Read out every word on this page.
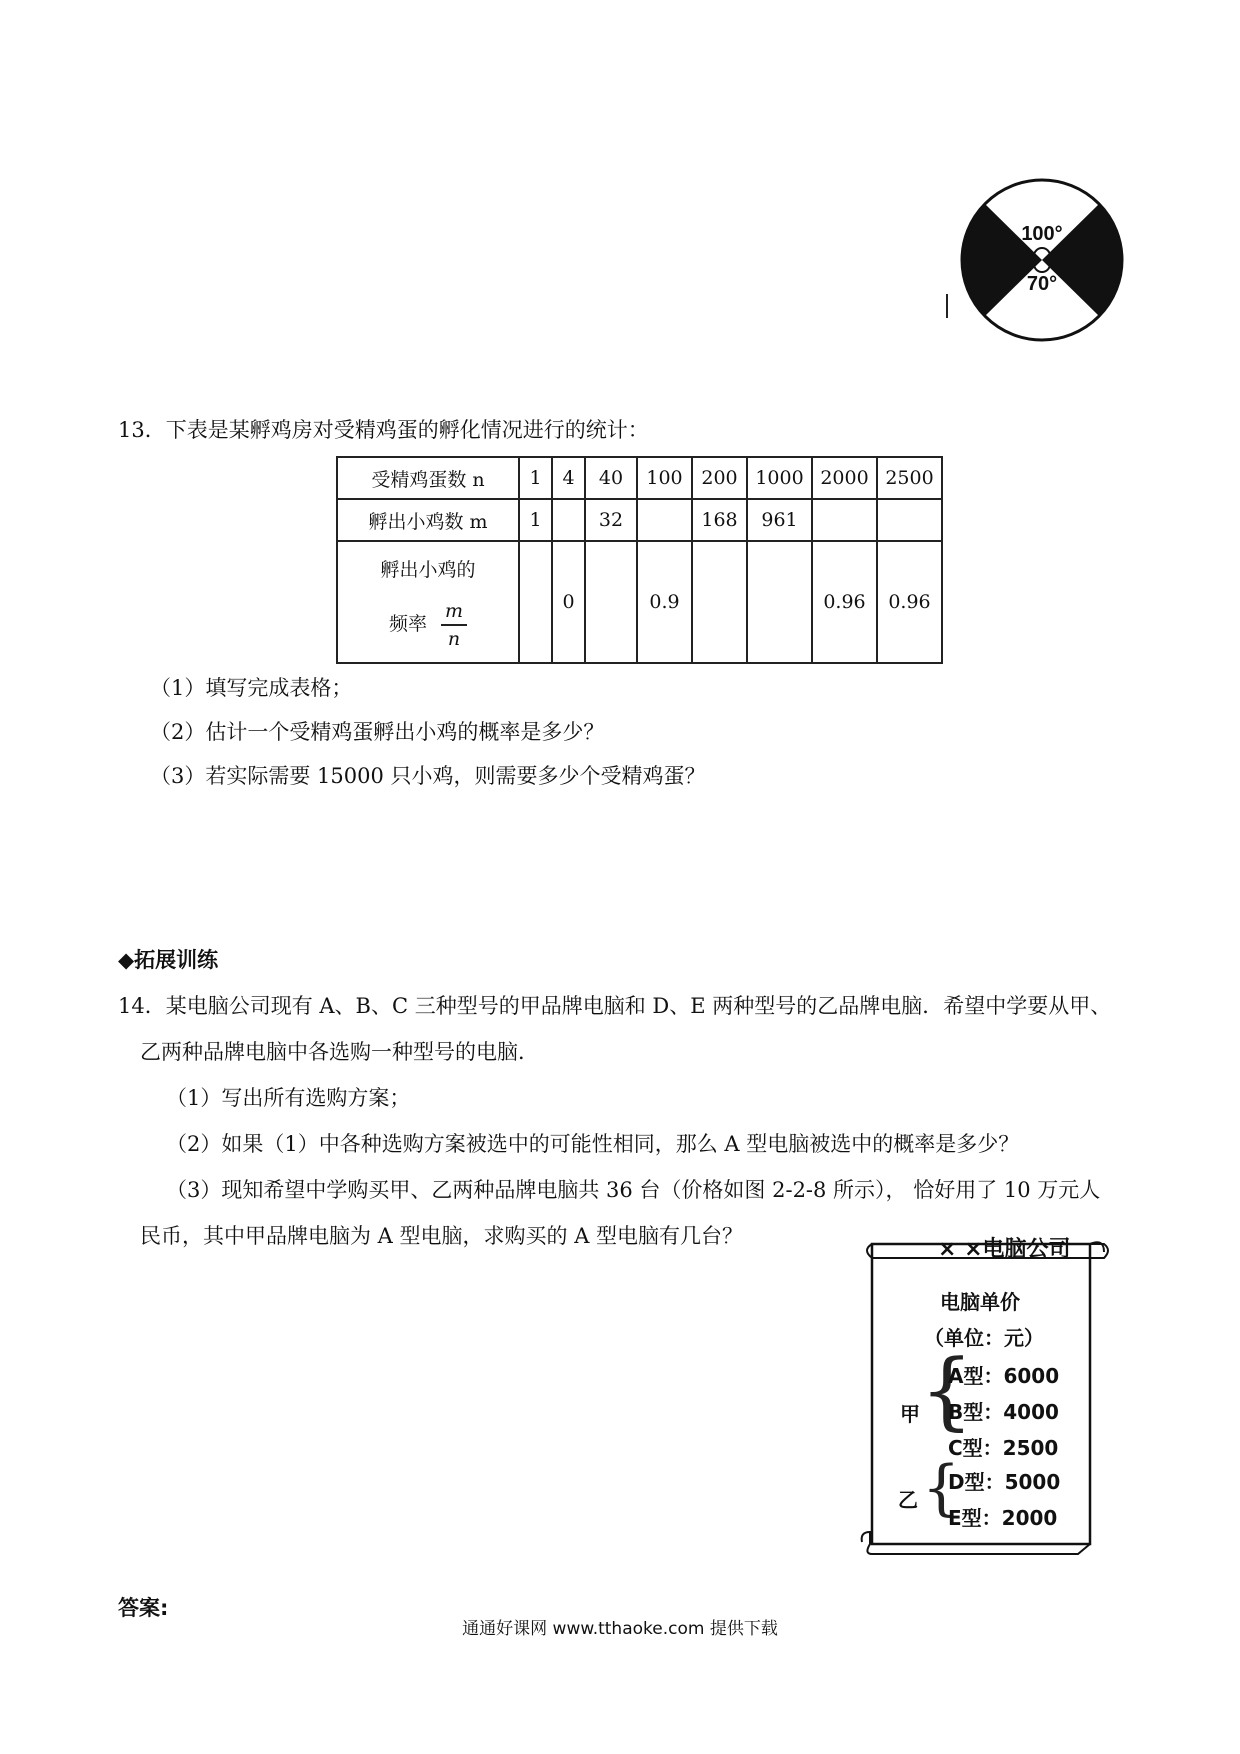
100°
70°
13．下表是某孵鸡房对受精鸡蛋的孵化情况进行的统计：
受精鸡蛋数 n	1	4	40	100	200	1000	2000	2500
孵出小鸡数 m	1		32		168	961		

孵出小鸡的
频率 $\frac{m}{n}$		0		0.9			0.96	0.96
（1）填写完成表格；
（2）估计一个受精鸡蛋孵出小鸡的概率是多少？
（3）若实际需要 15000 只小鸡，则需要多少个受精鸡蛋？
◆拓展训练
14．某电脑公司现有 A、B、C 三种型号的甲品牌电脑和 D、E 两种型号的乙品牌电脑．希望中学要从甲、
乙两种品牌电脑中各选购一种型号的电脑．
（1）写出所有选购方案；
（2）如果（1）中各种选购方案被选中的可能性相同，那么 A 型电脑被选中的概率是多少？
（3）现知希望中学购买甲、乙两种品牌电脑共 36 台（价格如图 2-2-8 所示）， 恰好用了 10 万元人
民币，其中甲品牌电脑为 A 型电脑，求购买的 A 型电脑有几台？
× ×电脑公司
电脑单价
（单位：元）
甲 {
A型：6000
B型：4000
C型：2500
乙 {
D型：5000
E型：2000
答案:
通通好课网 www.tthaoke.com 提供下载
